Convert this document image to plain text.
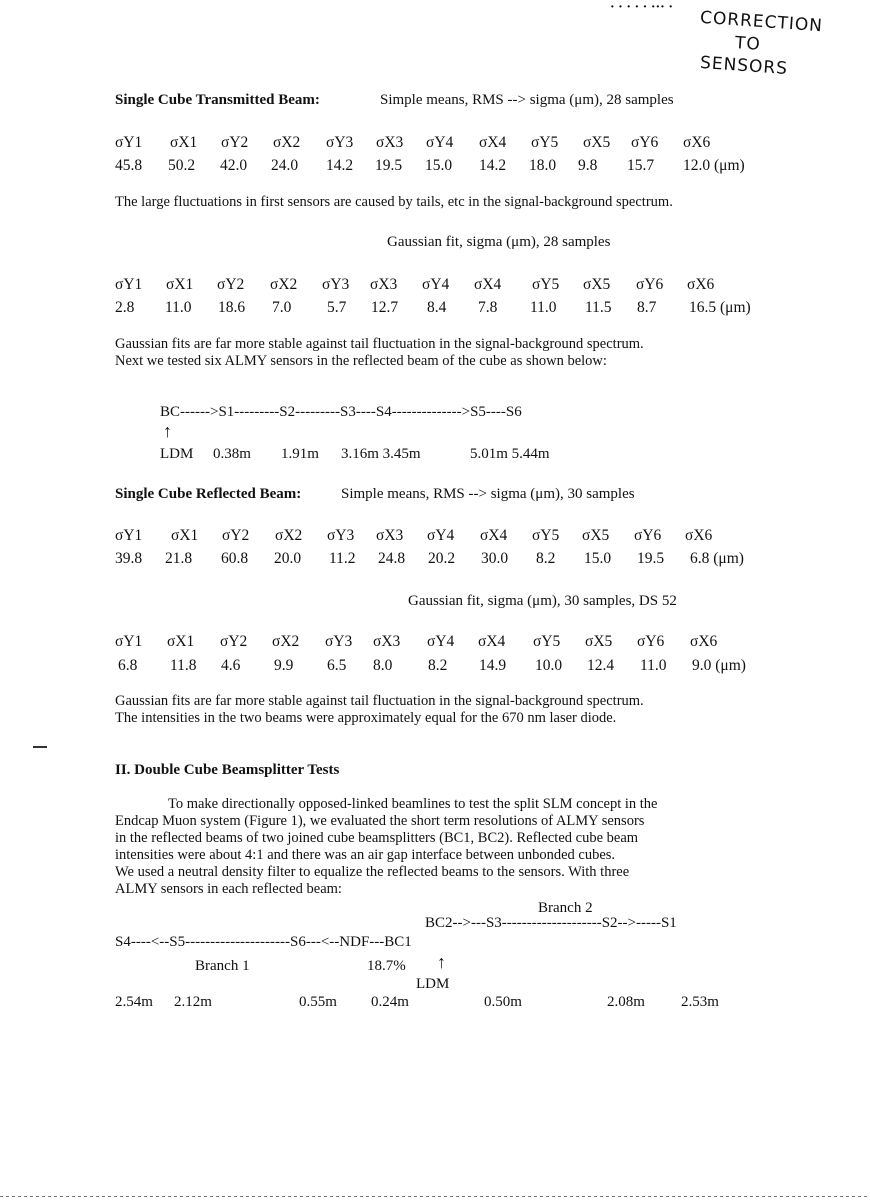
· · · · · ··· ·
CORRECTION
TO
SENSORS
Single Cube Transmitted Beam:	Simple means, RMS --> sigma (μm), 28 samples
σY1 σX1 σY2 σX2 σY3 σX3 σY4 σX4 σY5 σX5 σY6 σX6
45.8 50.2 42.0 24.0 14.2 19.5 15.0 14.2 18.0 9.8 15.7 12.0 (μm)
The large fluctuations in first sensors are caused by tails, etc in the signal-background spectrum.
Gaussian fit, sigma (μm), 28 samples
σY1 σX1 σY2 σX2 σY3 σX3 σY4 σX4 σY5 σX5 σY6 σX6
2.8 11.0 18.6 7.0 5.7 12.7 8.4 7.8 11.0 11.5 8.7 16.5 (μm)
Gaussian fits are far more stable against tail fluctuation in the signal-background spectrum.
Next we tested six ALMY sensors in the reflected beam of the cube as shown below:
BC------>S1---------S2---------S3----S4-------------->S5----S6
↑
LDM 0.38m 1.91m 3.16m 3.45m	5.01m 5.44m
Single Cube Reflected Beam:	Simple means, RMS --> sigma (μm), 30 samples
σY1 σX1 σY2 σX2 σY3 σX3 σY4 σX4 σY5 σX5 σY6 σX6
39.8 21.8 60.8 20.0 11.2 24.8 20.2 30.0 8.2 15.0 19.5 6.8 (μm)
Gaussian fit, sigma (μm), 30 samples, DS 52
σY1 σX1 σY2 σX2 σY3 σX3 σY4 σX4 σY5 σX5 σY6 σX6
6.8 11.8 4.6 9.9 6.5 8.0 8.2 14.9 10.0 12.4 11.0 9.0 (μm)
Gaussian fits are far more stable against tail fluctuation in the signal-background spectrum.
The intensities in the two beams were approximately equal for the 670 nm laser diode.
II. Double Cube Beamsplitter Tests
To make directionally opposed-linked beamlines to test the split SLM concept in the
Endcap Muon system (Figure 1), we evaluated the short term resolutions of ALMY sensors
in the reflected beams of two joined cube beamsplitters (BC1, BC2). Reflected cube beam
intensities were about 4:1 and there was an air gap interface between unbonded cubes.
We used a neutral density filter to equalize the reflected beams to the sensors. With three
ALMY sensors in each reflected beam:
Branch 2
BC2-->---S3--------------------S2-->-----S1
S4----<--S5---------------------S6---<--NDF---BC1
Branch 1	18.7% ↑
LDM
2.54m 2.12m	0.55m 0.24m	0.50m	2.08m 2.53m
